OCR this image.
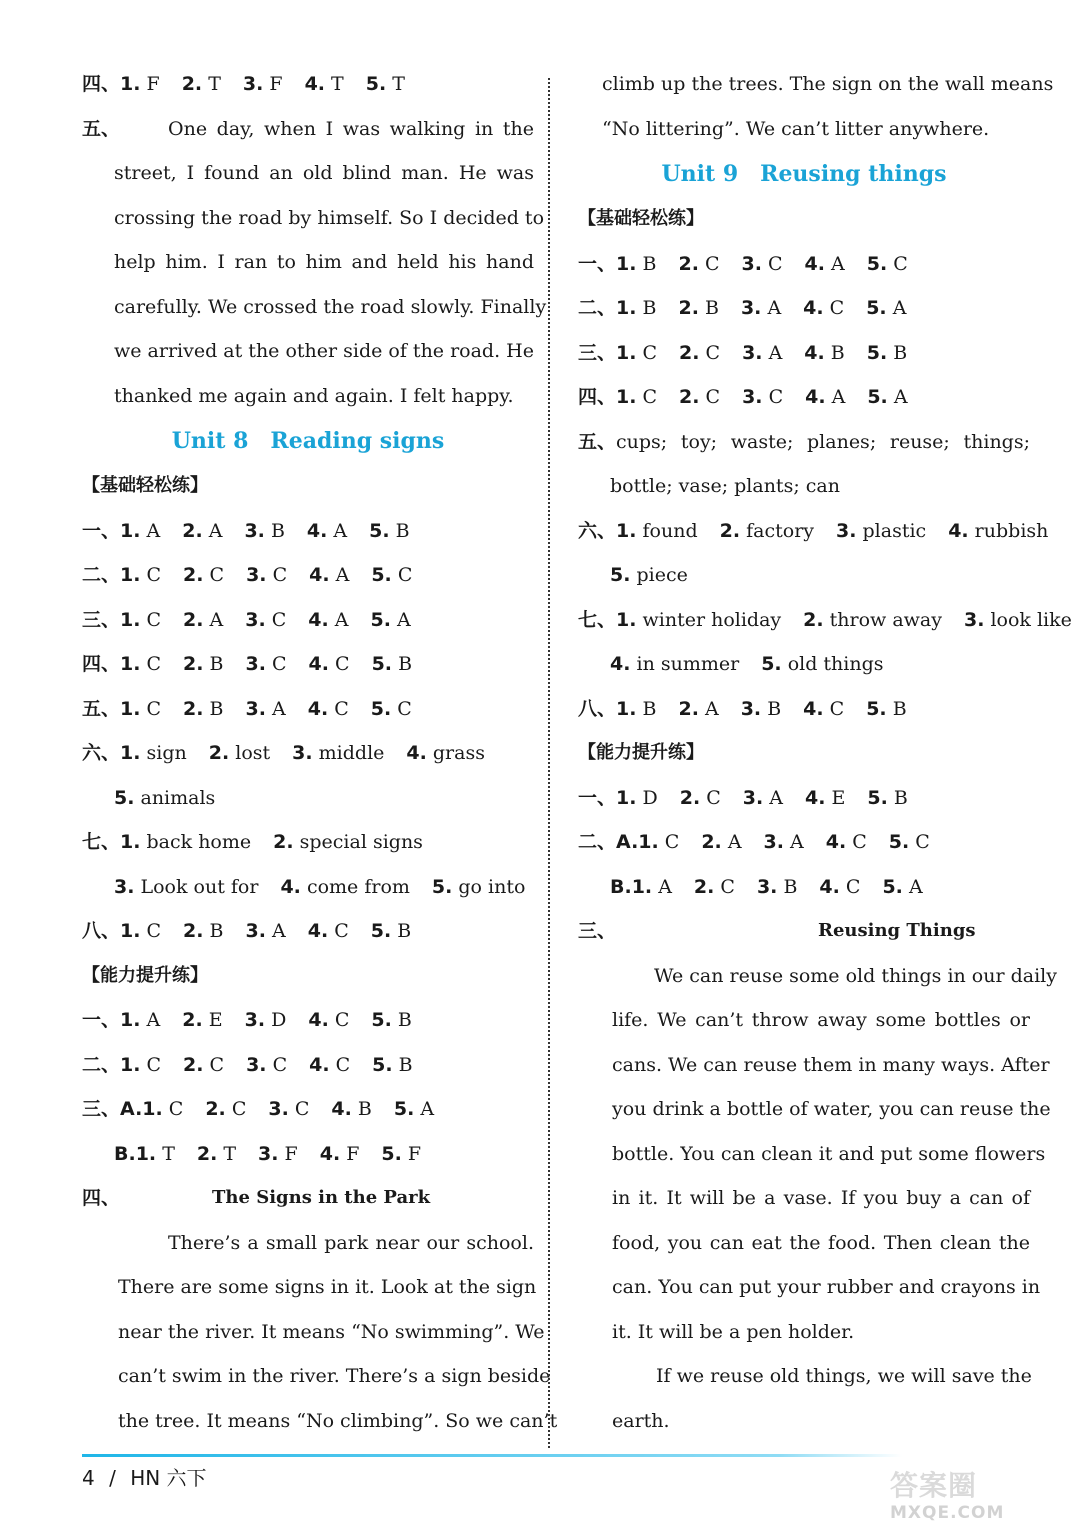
四、 1. F 2. T 3. F 4. T 5. T
五、	One day, when I was walking in the
street, I found an old blind man. He was
crossing the road by himself. So I decided to
help him. I ran to him and held his hand
carefully. We crossed the road slowly. Finally
we arrived at the other side of the road. He
thanked me again and again. I felt happy.
Unit 8 Reading signs
【基础轻松练】
一、 1. A 2. A 3. B 4. A 5. B
二、 1. C 2. C 3. C 4. A 5. C
三、 1. C 2. A 3. C 4. A 5. A
四、 1. C 2. B 3. C 4. C 5. B
五、 1. C 2. B 3. A 4. C 5. C
六、 1. sign 2. lost 3. middle 4. grass
5. animals
七、 1. back home 2. special signs
3. Look out for 4. come from 5. go into
八、 1. C 2. B 3. A 4. C 5. B
【能力提升练】
一、 1. A 2. E 3. D 4. C 5. B
二、 1. C 2. C 3. C 4. C 5. B
三、 A. 1. C 2. C 3. C 4. B 5. A
B. 1. T 2. T 3. F 4. F 5. F
四、	The Signs in the Park
There’s a small park near our school.
There are some signs in it. Look at the sign
near the river. It means “No swimming”. We
can’t swim in the river. There’s a sign beside
the tree. It means “No climbing”. So we can’t
climb up the trees. The sign on the wall means
“No littering”. We can’t litter anywhere.
Unit 9 Reusing things
【基础轻松练】
一、 1. B 2. C 3. C 4. A 5. C
二、 1. B 2. B 3. A 4. C 5. A
三、 1. C 2. C 3. A 4. B 5. B
四、 1. C 2. C 3. C 4. A 5. A
五、 cups; toy; waste; planes; reuse; things;
bottle; vase; plants; can
六、 1. found 2. factory 3. plastic 4. rubbish
5. piece
七、 1. winter holiday 2. throw away 3. look like
4. in summer 5. old things
八、 1. B 2. A 3. B 4. C 5. B
【能力提升练】
一、 1. D 2. C 3. A 4. E 5. B
二、 A. 1. C 2. A 3. A 4. C 5. C
B. 1. A 2. C 3. B 4. C 5. A
三、	Reusing Things
We can reuse some old things in our daily
life. We can’t throw away some bottles or
cans. We can reuse them in many ways. After
you drink a bottle of water, you can reuse the
bottle. You can clean it and put some flowers
in it. It will be a vase. If you buy a can of
food, you can eat the food. Then clean the
can. You can put your rubber and crayons in
it. It will be a pen holder.
If we reuse old things, we will save the
earth.
4 / HN 六下	答案圈
MXQE.COM
